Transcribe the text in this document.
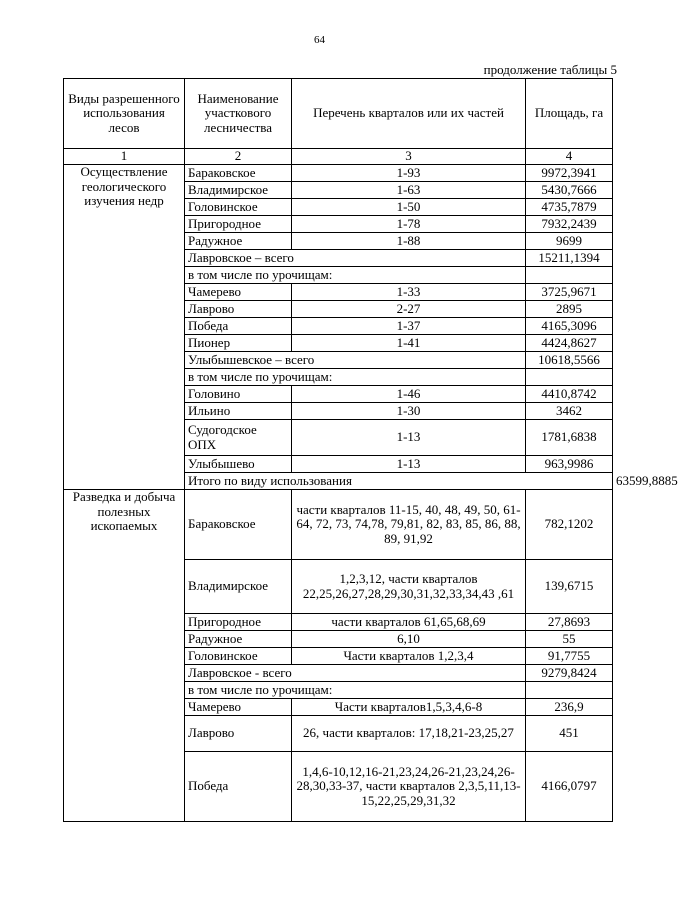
64
продолжение таблицы 5
Виды разрешенного использования лесов	Наименование участкового лесничества	Перечень кварталов или их частей	Площадь, га	
1	2	3	4	
Осуществление геологического изучения недр	Бараковское	1-93	9972,3941	
	Владимирское	1-63	5430,7666	
	Головинское	1-50	4735,7879	
	Пригородное	1-78	7932,2439	
	Радужное	1-88	9699	
	Лавровское – всего		15211,1394	
	в том числе по урочищам:			
	Чамерево	1-33	3725,9671	
	Лаврово	2-27	2895	
	Победа	1-37	4165,3096	
	Пионер	1-41	4424,8627	
	Улыбышевское – всего		10618,5566	
	в том числе по урочищам:			
	Головино	1-46	4410,8742	
	Ильино	1-30	3462	
	Судогодское ОПХ	1-13	1781,6838	
	Улыбышево	1-13	963,9986	
	Итого по виду использования			63599,8885
Разведка и добыча полезных ископаемых	Бараковское	части кварталов 11-15, 40, 48, 49, 50, 61-64, 72, 73, 74,78, 79,81, 82, 83, 85, 86, 88, 89, 91,92	782,1202	
	Владимирское	1,2,3,12, части кварталов 22,25,26,27,28,29,30,31,32,33,34,43 ,61	139,6715	
	Пригородное	части кварталов 61,65,68,69	27,8693	
	Радужное	6,10	55	
	Головинское	Части кварталов 1,2,3,4	91,7755	
	Лавровское - всего		9279,8424	
	в том числе по урочищам:			
	Чамерево	Части кварталов1,5,3,4,6-8	236,9	
	Лаврово	26, части кварталов: 17,18,21-23,25,27	451	
	Победа	1,4,6-10,12,16-21,23,24,26-21,23,24,26-28,30,33-37, части кварталов 2,3,5,11,13-15,22,25,29,31,32	4166,0797	
